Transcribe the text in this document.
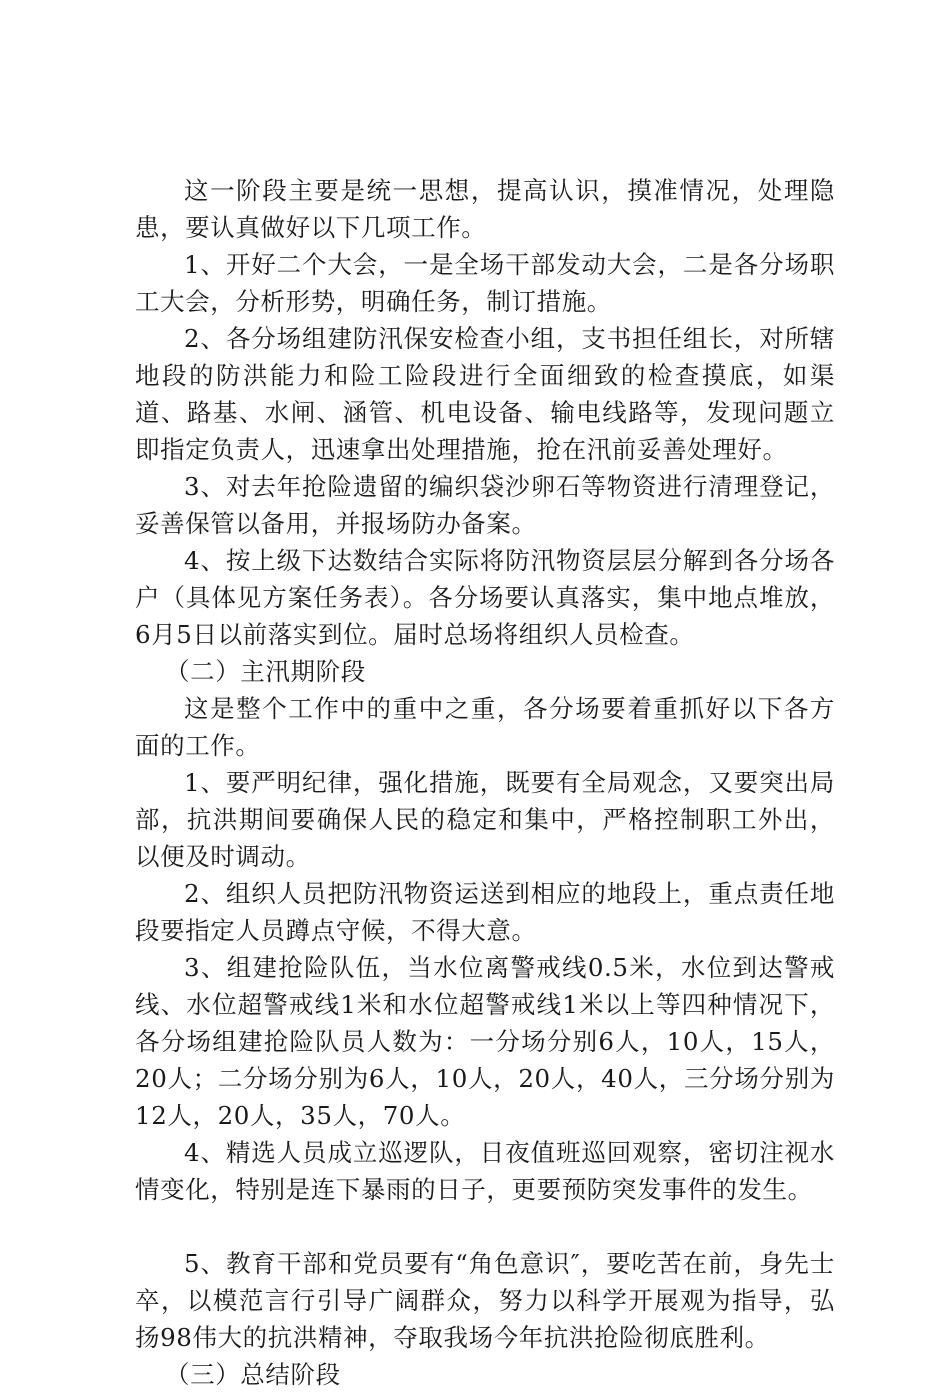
这一阶段主要是统一思想，提高认识，摸准情况，处理隐患，要认真做好以下几项工作。

1、开好二个大会，一是全场干部发动大会，二是各分场职工大会，分析形势，明确任务，制订措施。

2、各分场组建防汛保安检查小组，支书担任组长，对所辖地段的防洪能力和险工险段进行全面细致的检查摸底，如渠道、路基、水闸、涵管、机电设备、输电线路等，发现问题立即指定负责人，迅速拿出处理措施，抢在汛前妥善处理好。

3、对去年抢险遗留的编织袋沙卵石等物资进行清理登记，妥善保管以备用，并报场防办备案。

4、按上级下达数结合实际将防汛物资层层分解到各分场各户（具体见方案任务表）。各分场要认真落实，集中地点堆放，6月5日以前落实到位。届时总场将组织人员检查。

（二）主汛期阶段

这是整个工作中的重中之重，各分场要着重抓好以下各方面的工作。

1、要严明纪律，强化措施，既要有全局观念，又要突出局部，抗洪期间要确保人民的稳定和集中，严格控制职工外出，以便及时调动。

2、组织人员把防汛物资运送到相应的地段上，重点责任地段要指定人员蹲点守候，不得大意。

3、组建抢险队伍，当水位离警戒线0.5米，水位到达警戒线、水位超警戒线1米和水位超警戒线1米以上等四种情况下，各分场组建抢险队员人数为：一分场分别6人，10人，15人，20人；二分场分别为6人，10人，20人，40人，三分场分别为12人，20人，35人，70人。

4、精选人员成立巡逻队，日夜值班巡回观察，密切注视水情变化，特别是连下暴雨的日子，更要预防突发事件的发生。

5、教育干部和党员要有“角色意识″，要吃苦在前，身先士卒，以模范言行引导广阔群众，努力以科学开展观为指导，弘扬98伟大的抗洪精神，夺取我场今年抗洪抢险彻底胜利。

（三）总结阶段
